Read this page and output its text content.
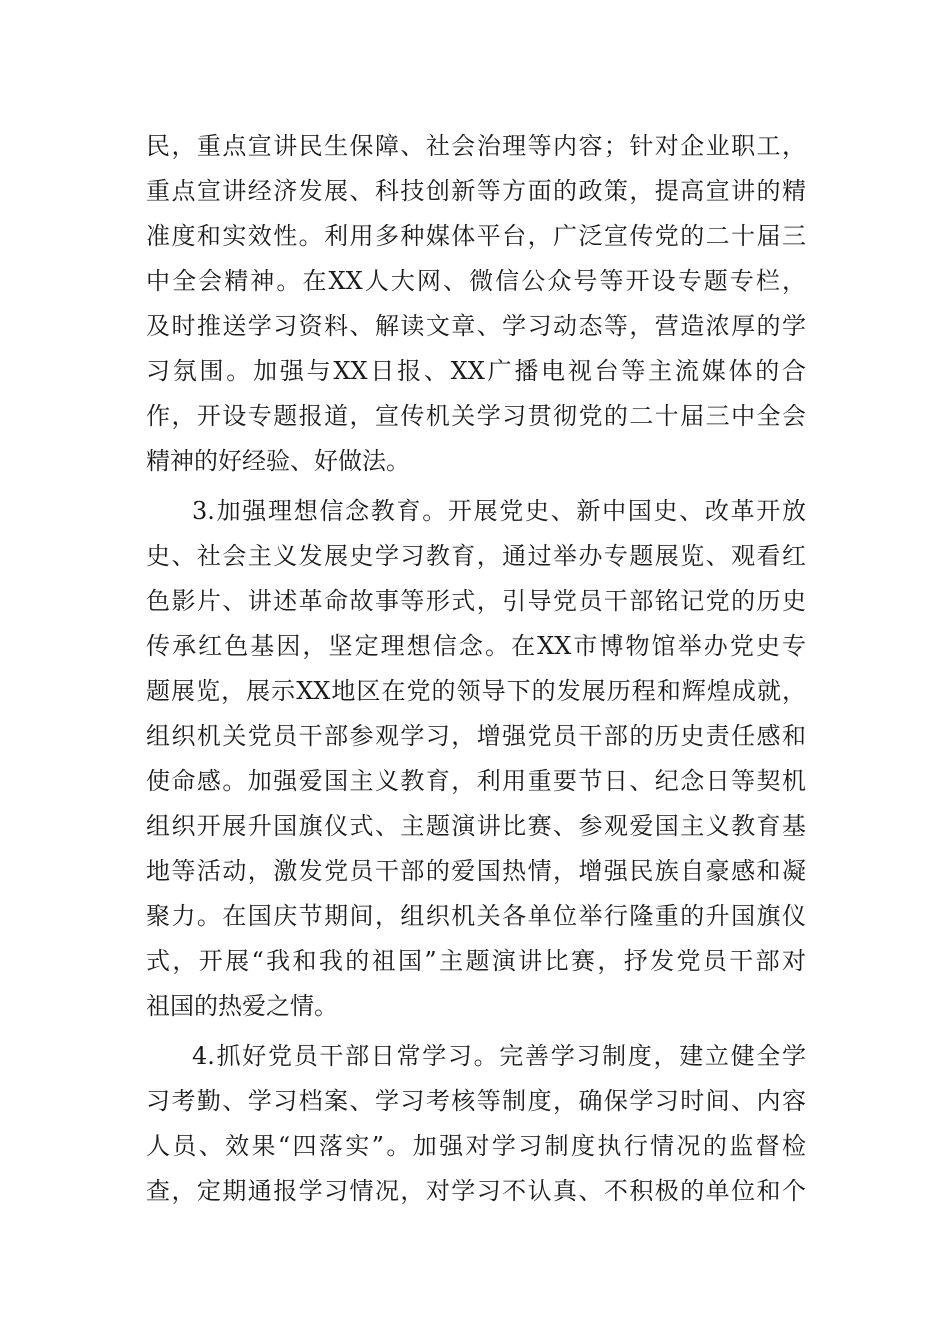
民，重点宣讲民生保障、社会治理等内容；针对企业职工，
重点宣讲经济发展、科技创新等方面的政策，提高宣讲的精
准度和实效性。利用多种媒体平台，广泛宣传党的二十届三
中全会精神。在XX人大网、微信公众号等开设专题专栏，
及时推送学习资料、解读文章、学习动态等，营造浓厚的学
习氛围。加强与XX日报、XX广播电视台等主流媒体的合
作，开设专题报道，宣传机关学习贯彻党的二十届三中全会
精神的好经验、好做法。
3.加强理想信念教育。开展党史、新中国史、改革开放
史、社会主义发展史学习教育，通过举办专题展览、观看红
色影片、讲述革命故事等形式，引导党员干部铭记党的历史
传承红色基因，坚定理想信念。在XX市博物馆举办党史专
题展览，展示XX地区在党的领导下的发展历程和辉煌成就，
组织机关党员干部参观学习，增强党员干部的历史责任感和
使命感。加强爱国主义教育，利用重要节日、纪念日等契机
组织开展升国旗仪式、主题演讲比赛、参观爱国主义教育基
地等活动，激发党员干部的爱国热情，增强民族自豪感和凝
聚力。在国庆节期间，组织机关各单位举行隆重的升国旗仪
式，开展“我和我的祖国”主题演讲比赛，抒发党员干部对
祖国的热爱之情。
4.抓好党员干部日常学习。完善学习制度，建立健全学
习考勤、学习档案、学习考核等制度，确保学习时间、内容
人员、效果“四落实”。加强对学习制度执行情况的监督检
查，定期通报学习情况，对学习不认真、不积极的单位和个
